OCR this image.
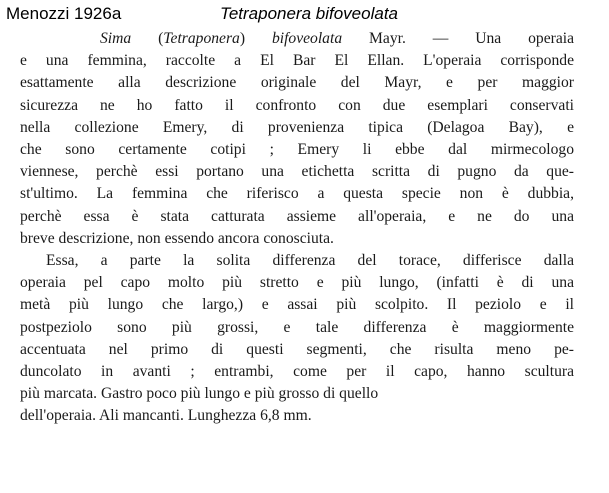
Menozzi 1926a	Tetraponera bifoveolata
Sima (Tetraponera) bifoveolata Mayr. — Una operaia
e una femmina, raccolte a El Bar El Ellan. L'operaia corrisponde
esattamente alla descrizione originale del Mayr, e per maggior
sicurezza ne ho fatto il confronto con due esemplari conservati
nella collezione Emery, di provenienza tipica (Delagoa Bay), e
che sono certamente cotipi ; Emery li ebbe dal mirmecologo
viennese, perchè essi portano una etichetta scritta di pugno da que-
st'ultimo. La femmina che riferisco a questa specie non è dubbia,
perchè essa è stata catturata assieme all'operaia, e ne do una
breve descrizione, non essendo ancora conosciuta.
Essa, a parte la solita differenza del torace, differisce dalla
operaia pel capo molto più stretto e più lungo, (infatti è di una
metà più lungo che largo,) e assai più scolpito. Il peziolo e il
postpeziolo sono più grossi, e tale differenza è maggiormente
accentuata nel primo di questi segmenti, che risulta meno pe-
duncolato in avanti ; entrambi, come per il capo, hanno scultura
più marcata. Gastro poco più lungo e più grosso di quello
dell'operaia. Ali mancanti. Lunghezza 6,8 mm.
